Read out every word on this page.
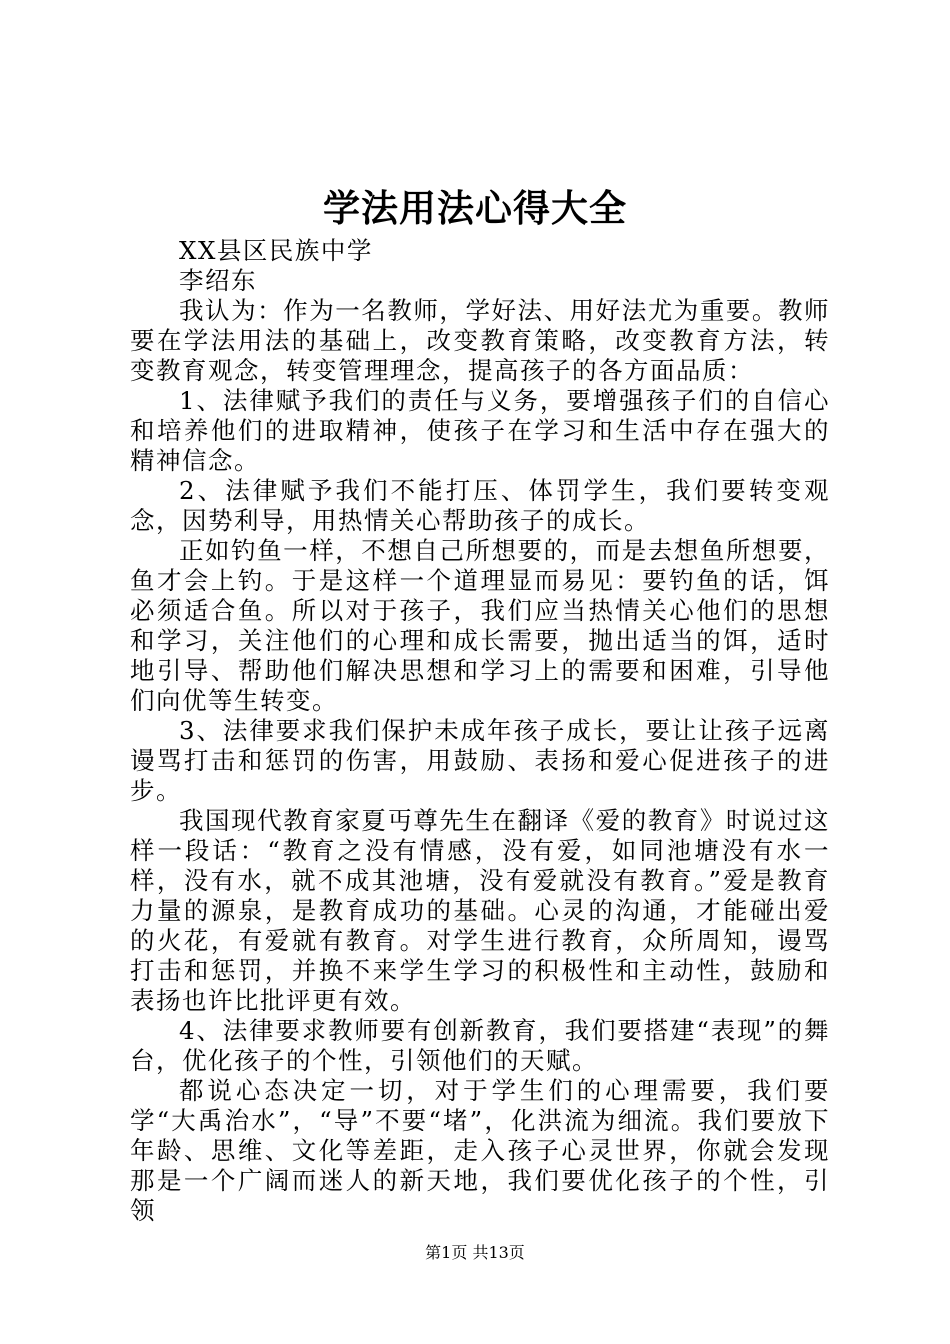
学法用法心得大全

XX县区民族中学

李绍东

我认为：作为一名教师，学好法、用好法尤为重要。教师要在学法用法的基础上，改变教育策略，改变教育方法，转变教育观念，转变管理理念，提高孩子的各方面品质：

1、法律赋予我们的责任与义务，要增强孩子们的自信心和培养他们的进取精神，使孩子在学习和生活中存在强大的精神信念。

2、法律赋予我们不能打压、体罚学生，我们要转变观念，因势利导，用热情关心帮助孩子的成长。

正如钓鱼一样，不想自己所想要的，而是去想鱼所想要，鱼才会上钓。于是这样一个道理显而易见：要钓鱼的话，饵必须适合鱼。所以对于孩子，我们应当热情关心他们的思想和学习，关注他们的心理和成长需要，抛出适当的饵，适时地引导、帮助他们解决思想和学习上的需要和困难，引导他们向优等生转变。

3、法律要求我们保护未成年孩子成长，要让让孩子远离谩骂打击和惩罚的伤害，用鼓励、表扬和爱心促进孩子的进步。

我国现代教育家夏丏尊先生在翻译《爱的教育》时说过这样一段话：“教育之没有情感，没有爱，如同池塘没有水一样，没有水，就不成其池塘，没有爱就没有教育。”爱是教育力量的源泉，是教育成功的基础。心灵的沟通，才能碰出爱的火花，有爱就有教育。对学生进行教育，众所周知，谩骂打击和惩罚，并换不来学生学习的积极性和主动性，鼓励和表扬也许比批评更有效。

4、法律要求教师要有创新教育，我们要搭建“表现”的舞台，优化孩子的个性，引领他们的天赋。

都说心态决定一切，对于学生们的心理需要，我们要学“大禹治水”，“导”不要“堵”，化洪流为细流。我们要放下年龄、思维、文化等差距，走入孩子心灵世界，你就会发现那是一个广阔而迷人的新天地，我们要优化孩子的个性，引领

第1页 共13页
